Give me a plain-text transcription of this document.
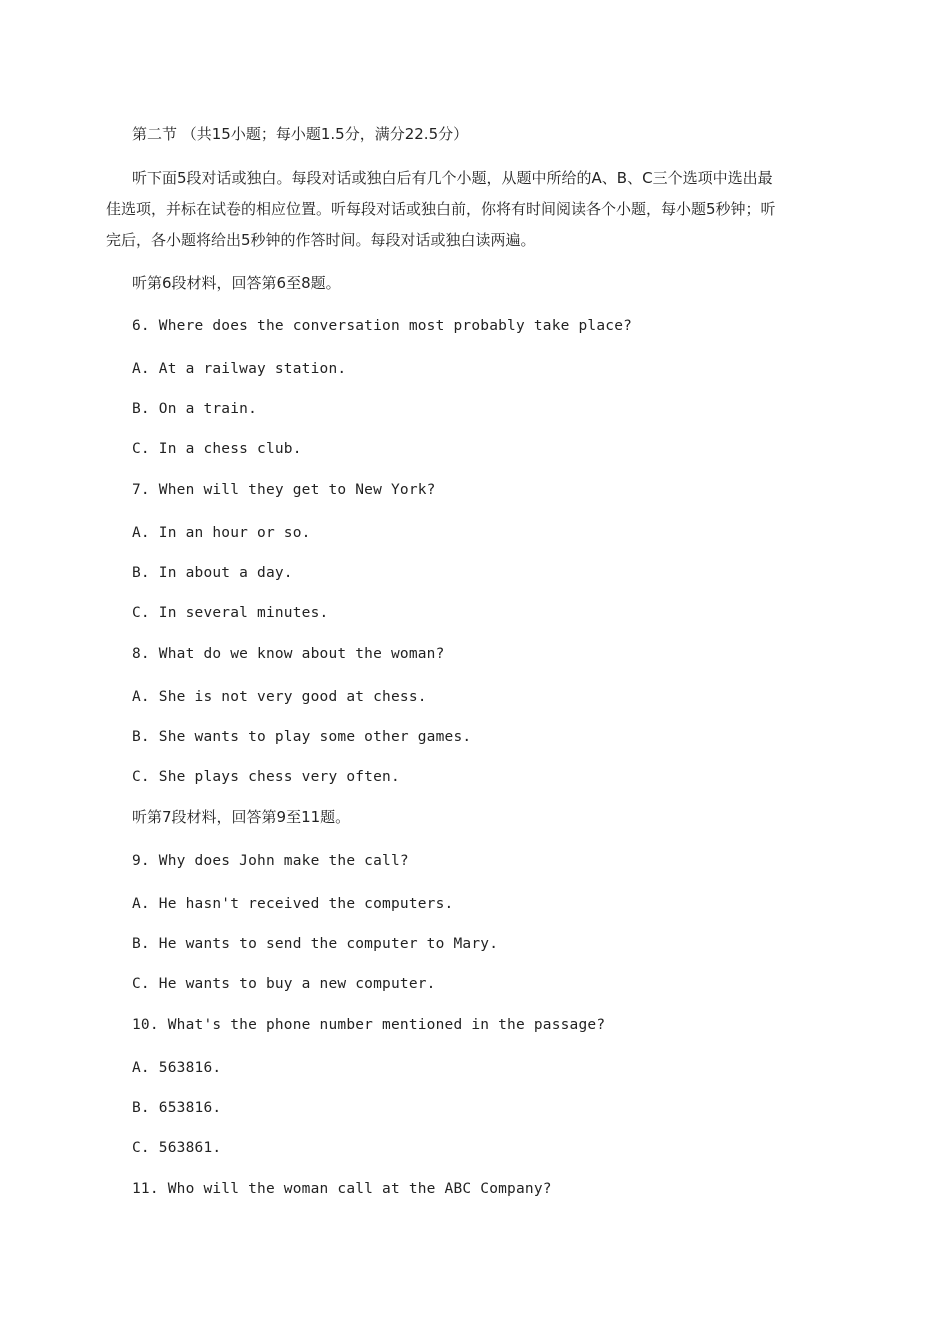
第二节 （共15小题；每小题1.5分，满分22.5分）
听下面5段对话或独白。每段对话或独白后有几个小题，从题中所给的A、B、C三个选项中选出最
佳选项，并标在试卷的相应位置。听每段对话或独白前，你将有时间阅读各个小题，每小题5秒钟；听
完后，各小题将给出5秒钟的作答时间。每段对话或独白读两遍。
听第6段材料，回答第6至8题。
6. Where does the conversation most probably take place?
A. At a railway station.
B. On a train.
C. In a chess club.
7. When will they get to New York?
A. In an hour or so.
B. In about a day.
C. In several minutes.
8. What do we know about the woman?
A. She is not very good at chess.
B. She wants to play some other games.
C. She plays chess very often.
听第7段材料，回答第9至11题。
9. Why does John make the call?
A. He hasn't received the computers.
B. He wants to send the computer to Mary.
C. He wants to buy a new computer.
10. What's the phone number mentioned in the passage?
A. 563816.
B. 653816.
C. 563861.
11. Who will the woman call at the ABC Company?
